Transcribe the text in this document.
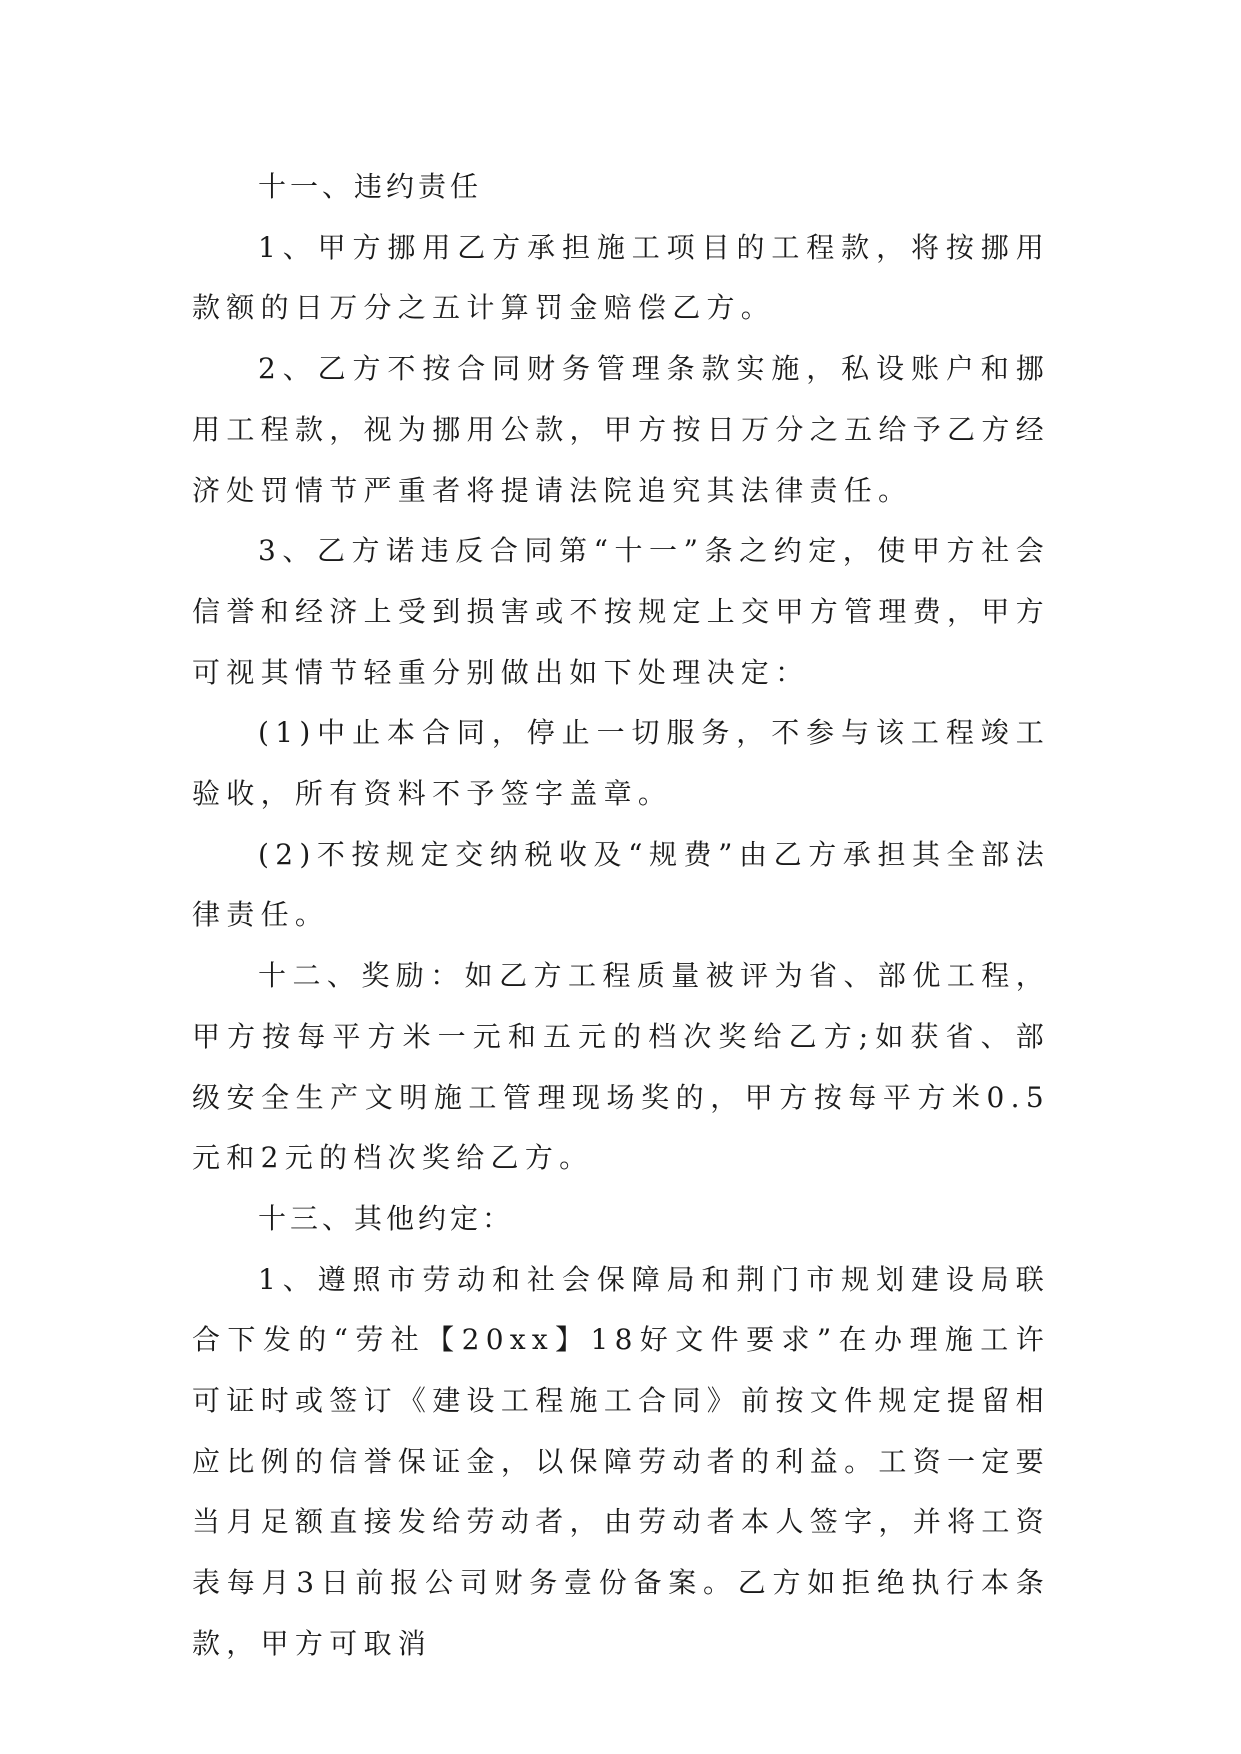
十一、违约责任

1、甲方挪用乙方承担施工项目的工程款，将按挪用款额的日万分之五计算罚金赔偿乙方。

2、乙方不按合同财务管理条款实施，私设账户和挪用工程款，视为挪用公款，甲方按日万分之五给予乙方经济处罚情节严重者将提请法院追究其法律责任。

3、乙方诺违反合同第“十一”条之约定，使甲方社会信誉和经济上受到损害或不按规定上交甲方管理费，甲方可视其情节轻重分别做出如下处理决定：

(1)中止本合同，停止一切服务，不参与该工程竣工验收，所有资料不予签字盖章。

(2)不按规定交纳税收及“规费”由乙方承担其全部法律责任。

十二、奖励：如乙方工程质量被评为省、部优工程，甲方按每平方米一元和五元的档次奖给乙方;如获省、部级安全生产文明施工管理现场奖的，甲方按每平方米0.5元和2元的档次奖给乙方。

十三、其他约定：

1、遵照市劳动和社会保障局和荆门市规划建设局联合下发的“劳社【20xx】18好文件要求”在办理施工许可证时或签订《建设工程施工合同》前按文件规定提留相应比例的信誉保证金，以保障劳动者的利益。工资一定要当月足额直接发给劳动者，由劳动者本人签字，并将工资表每月3日前报公司财务壹份备案。乙方如拒绝执行本条款，甲方可取消
